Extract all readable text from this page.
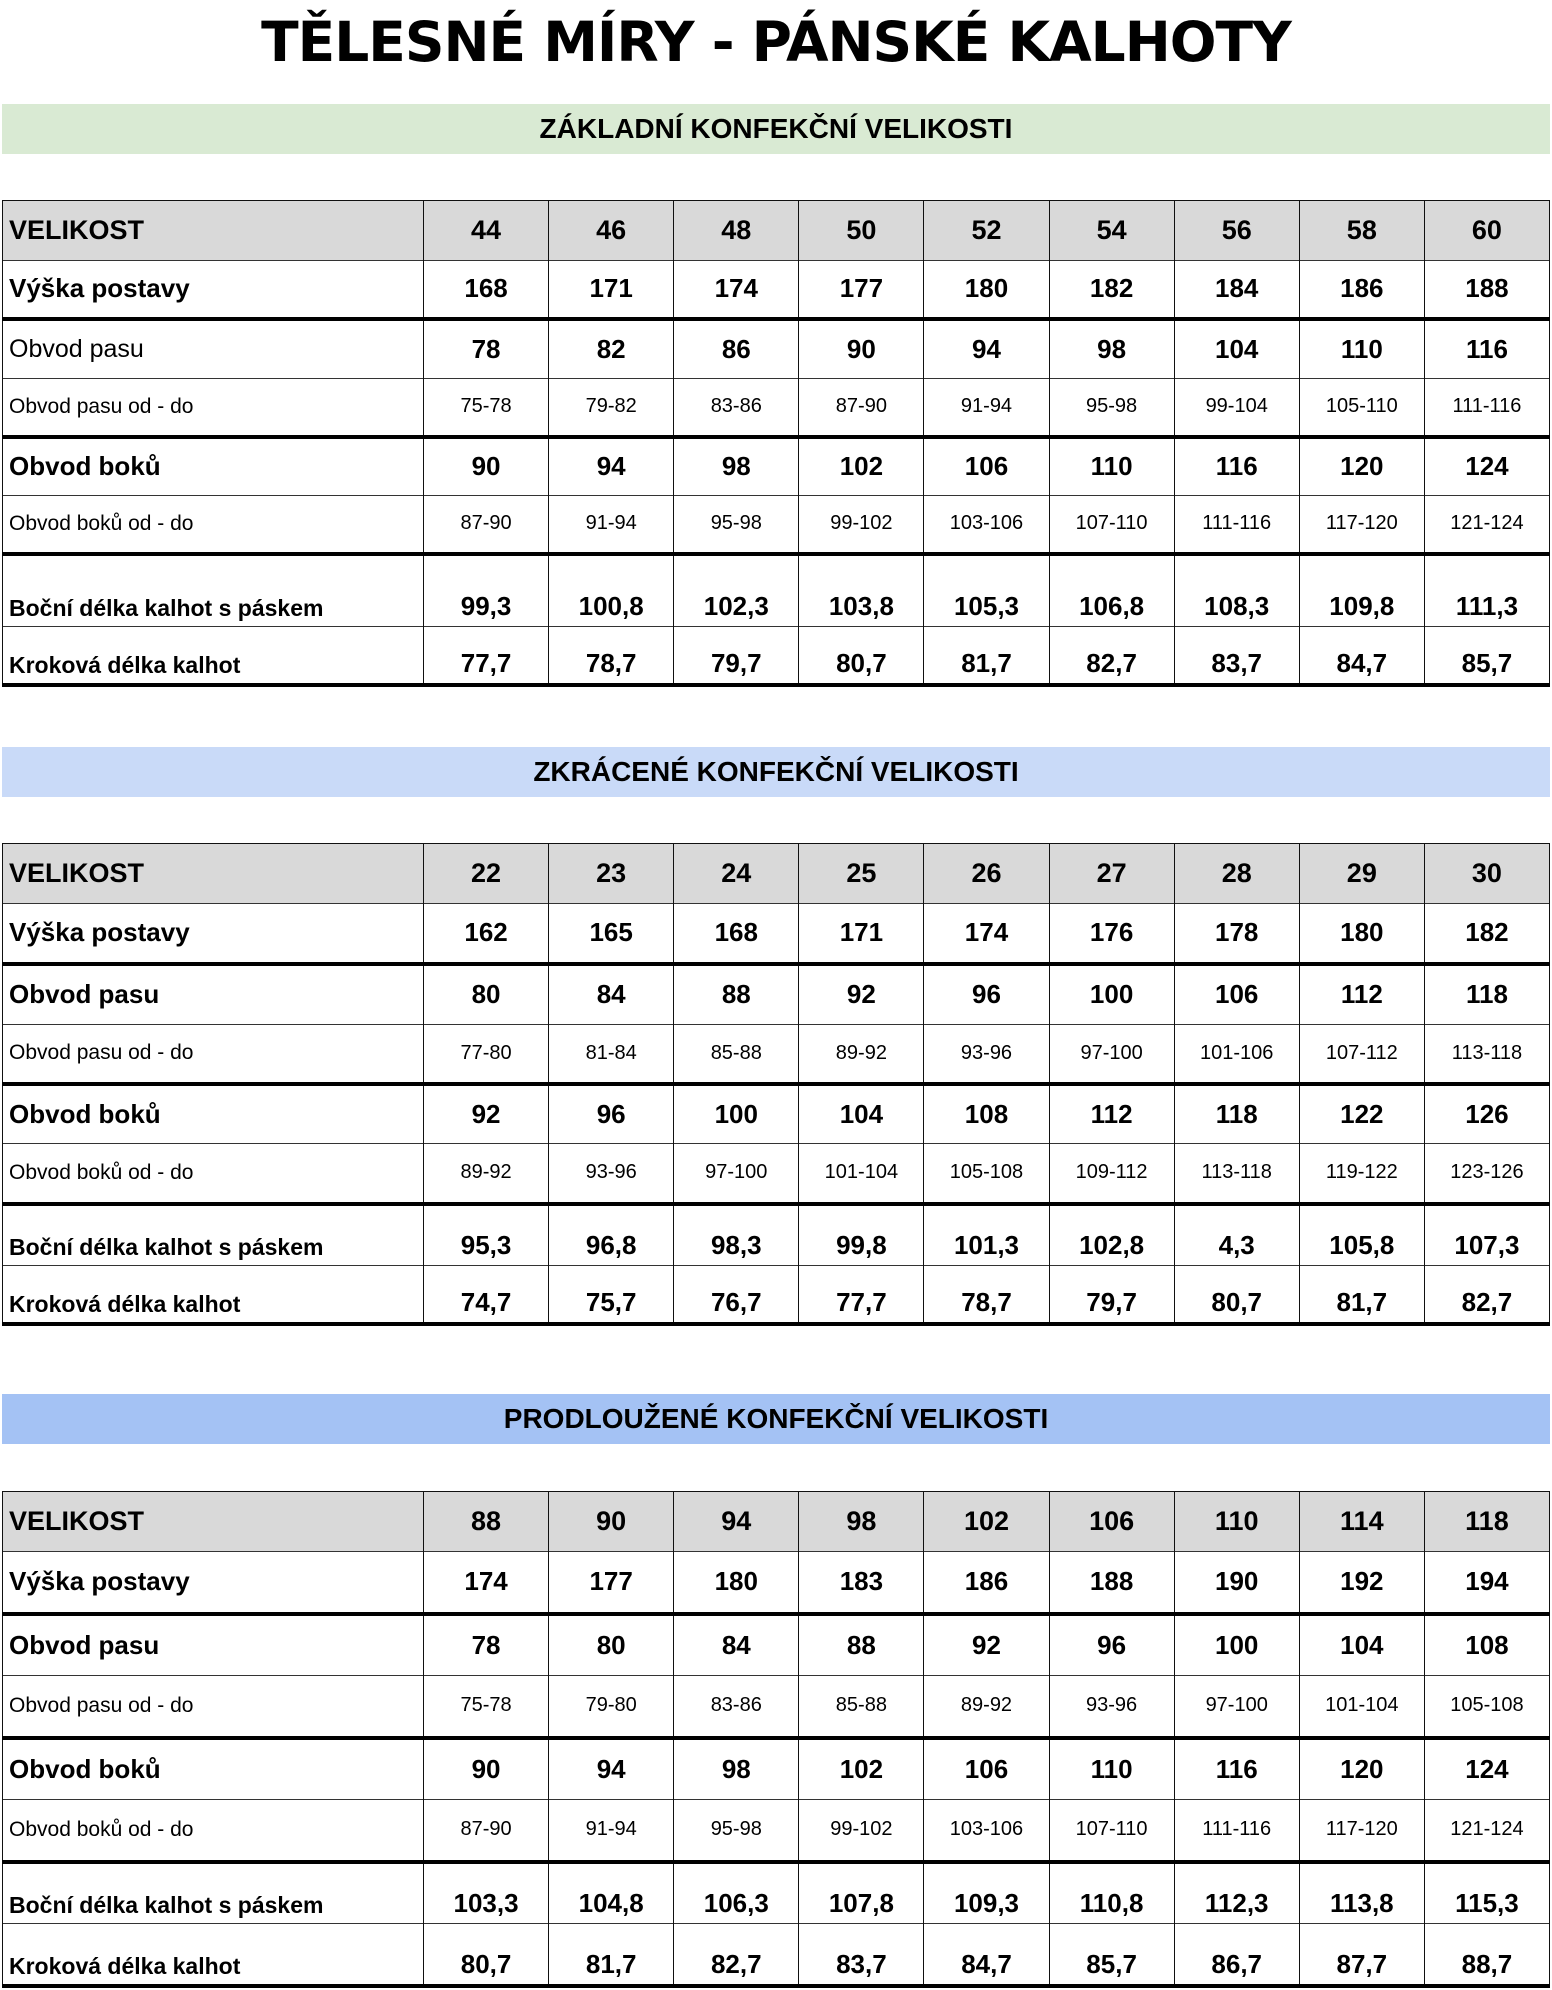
TĚLESNÉ MÍRY - PÁNSKÉ KALHOTY
ZÁKLADNÍ KONFEKČNÍ VELIKOSTI
VELIKOST	44	46	48	50	52	54	56	58	60
Výška postavy	168	171	174	177	180	182	184	186	188
Obvod pasu	78	82	86	90	94	98	104	110	116
Obvod pasu od - do	75-78	79-82	83-86	87-90	91-94	95-98	99-104	105-110	111-116
Obvod boků	90	94	98	102	106	110	116	120	124
Obvod boků od - do	87-90	91-94	95-98	99-102	103-106	107-110	111-116	117-120	121-124
Boční délka kalhot s páskem	99,3	100,8	102,3	103,8	105,3	106,8	108,3	109,8	111,3
Kroková délka kalhot	77,7	78,7	79,7	80,7	81,7	82,7	83,7	84,7	85,7
ZKRÁCENÉ KONFEKČNÍ VELIKOSTI
VELIKOST	22	23	24	25	26	27	28	29	30
Výška postavy	162	165	168	171	174	176	178	180	182
Obvod pasu	80	84	88	92	96	100	106	112	118
Obvod pasu od - do	77-80	81-84	85-88	89-92	93-96	97-100	101-106	107-112	113-118
Obvod boků	92	96	100	104	108	112	118	122	126
Obvod boků od - do	89-92	93-96	97-100	101-104	105-108	109-112	113-118	119-122	123-126
Boční délka kalhot s páskem	95,3	96,8	98,3	99,8	101,3	102,8	4,3	105,8	107,3
Kroková délka kalhot	74,7	75,7	76,7	77,7	78,7	79,7	80,7	81,7	82,7
PRODLOUŽENÉ KONFEKČNÍ VELIKOSTI
VELIKOST	88	90	94	98	102	106	110	114	118
Výška postavy	174	177	180	183	186	188	190	192	194
Obvod pasu	78	80	84	88	92	96	100	104	108
Obvod pasu od - do	75-78	79-80	83-86	85-88	89-92	93-96	97-100	101-104	105-108
Obvod boků	90	94	98	102	106	110	116	120	124
Obvod boků od - do	87-90	91-94	95-98	99-102	103-106	107-110	111-116	117-120	121-124
Boční délka kalhot s páskem	103,3	104,8	106,3	107,8	109,3	110,8	112,3	113,8	115,3
Kroková délka kalhot	80,7	81,7	82,7	83,7	84,7	85,7	86,7	87,7	88,7
